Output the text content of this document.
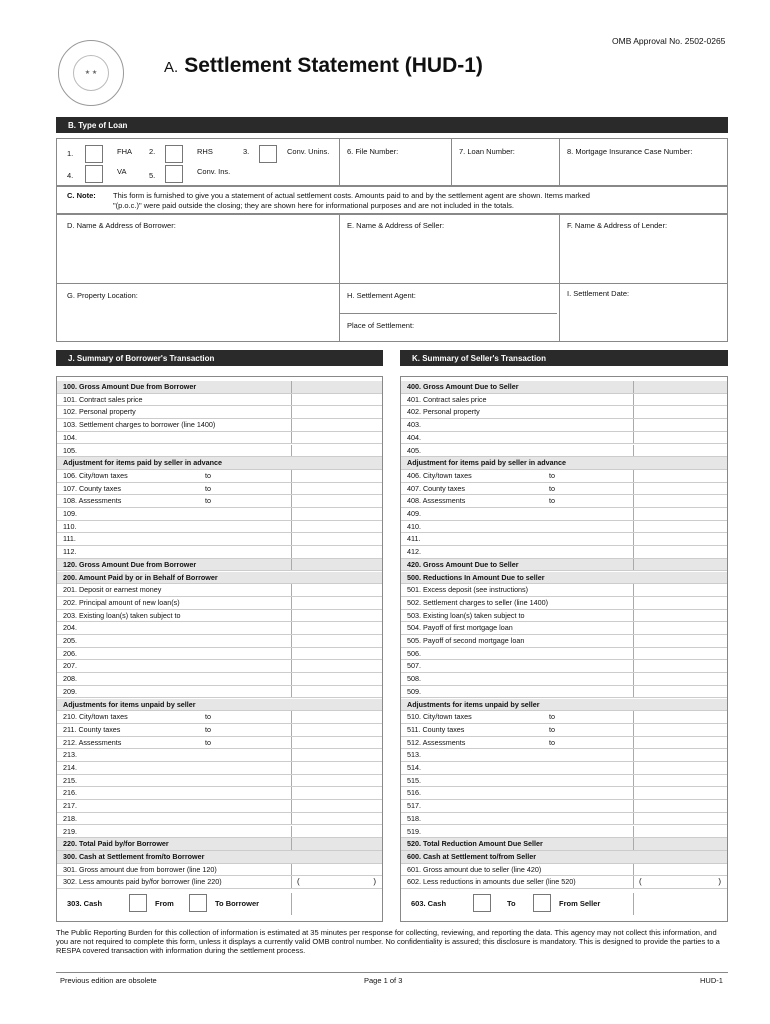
OMB Approval No. 2502-0265
★ ★	A. Settlement Statement (HUD-1)
B. Type of Loan
1.	FHA 2.	RHS	3.	Conv. Unins.
4.	VA	5.	Conv. Ins.
6. File Number:	7. Loan Number:	8. Mortgage Insurance Case Number:
C. Note: This form is furnished to give you a statement of actual settlement costs. Amounts paid to and by the settlement agent are shown. Items marked
"(p.o.c.)" were paid outside the closing; they are shown here for informational purposes and are not included in the totals.
D. Name & Address of Borrower:	E. Name & Address of Seller:	F. Name & Address of Lender:
G. Property Location:	H. Settlement Agent:	I. Settlement Date:
Place of Settlement:
J. Summary of Borrower's Transaction	K. Summary of Seller's Transaction
100. Gross Amount Due from Borrower
101. Contract sales price
102. Personal property
103. Settlement charges to borrower (line 1400)
104.
105.
Adjustment for items paid by seller in advance
106. City/town taxes	to
107. County taxes	to
108. Assessments	to
109.
110.
111.
112.
120. Gross Amount Due from Borrower
200. Amount Paid by or in Behalf of Borrower
201. Deposit or earnest money
202. Principal amount of new loan(s)
203. Existing loan(s) taken subject to
204.
205.
206.
207.
208.
209.
Adjustments for items unpaid by seller
210. City/town taxes	to
211. County taxes	to
212. Assessments	to
213.
214.
215.
216.
217.
218.
219.
220. Total Paid by/for Borrower
300. Cash at Settlement from/to Borrower
301. Gross amount due from borrower (line 120)
302. Less amounts paid by/for borrower (line 220)	(	)
303. Cash	From	To Borrower
400. Gross Amount Due to Seller
401. Contract sales price
402. Personal property
403.
404.
405.
Adjustment for items paid by seller in advance
406. City/town taxes	to
407. County taxes	to
408. Assessments	to
409.
410.
411.
412.
420. Gross Amount Due to Seller
500. Reductions In Amount Due to seller
501. Excess deposit (see instructions)
502. Settlement charges to seller (line 1400)
503. Existing loan(s) taken subject to
504. Payoff of first mortgage loan
505. Payoff of second mortgage loan
506.
507.
508.
509.
Adjustments for items unpaid by seller
510. City/town taxes	to
511. County taxes	to
512. Assessments	to
513.
514.
515.
516.
517.
518.
519.
520. Total Reduction Amount Due Seller
600. Cash at Settlement to/from Seller
601. Gross amount due to seller (line 420)
602. Less reductions in amounts due seller (line 520)	(	)
603. Cash	To	From Seller
The Public Reporting Burden for this collection of information is estimated at 35 minutes per response for collecting, reviewing, and reporting the data. This agency may not collect this information, and you are not required to complete this form, unless it displays a currently valid OMB control number. No confidentiality is assured; this disclosure is mandatory. This is designed to provide the parties to a RESPA covered transaction with information during the settlement process.
Previous edition are obsolete	Page 1 of 3	HUD-1
